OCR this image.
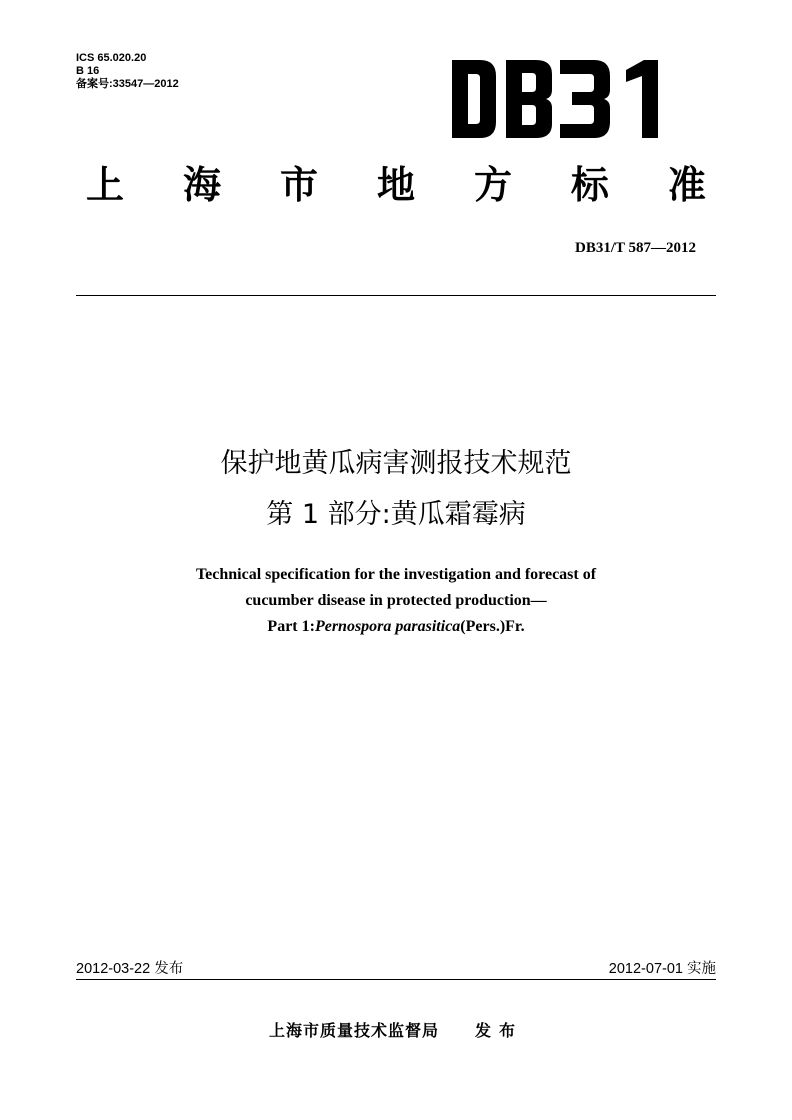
ICS 65.020.20
B 16
备案号:33547—2012
上 海 市 地 方 标 准
DB31/T 587—2012
保护地黄瓜病害测报技术规范
第 1 部分:黄瓜霜霉病
Technical specification for the investigation and forecast of
cucumber disease in protected production—
Part 1:Pernospora parasitica(Pers.)Fr.
2012-03-22 发布	2012-07-01 实施
上海市质量技术监督局 发布
